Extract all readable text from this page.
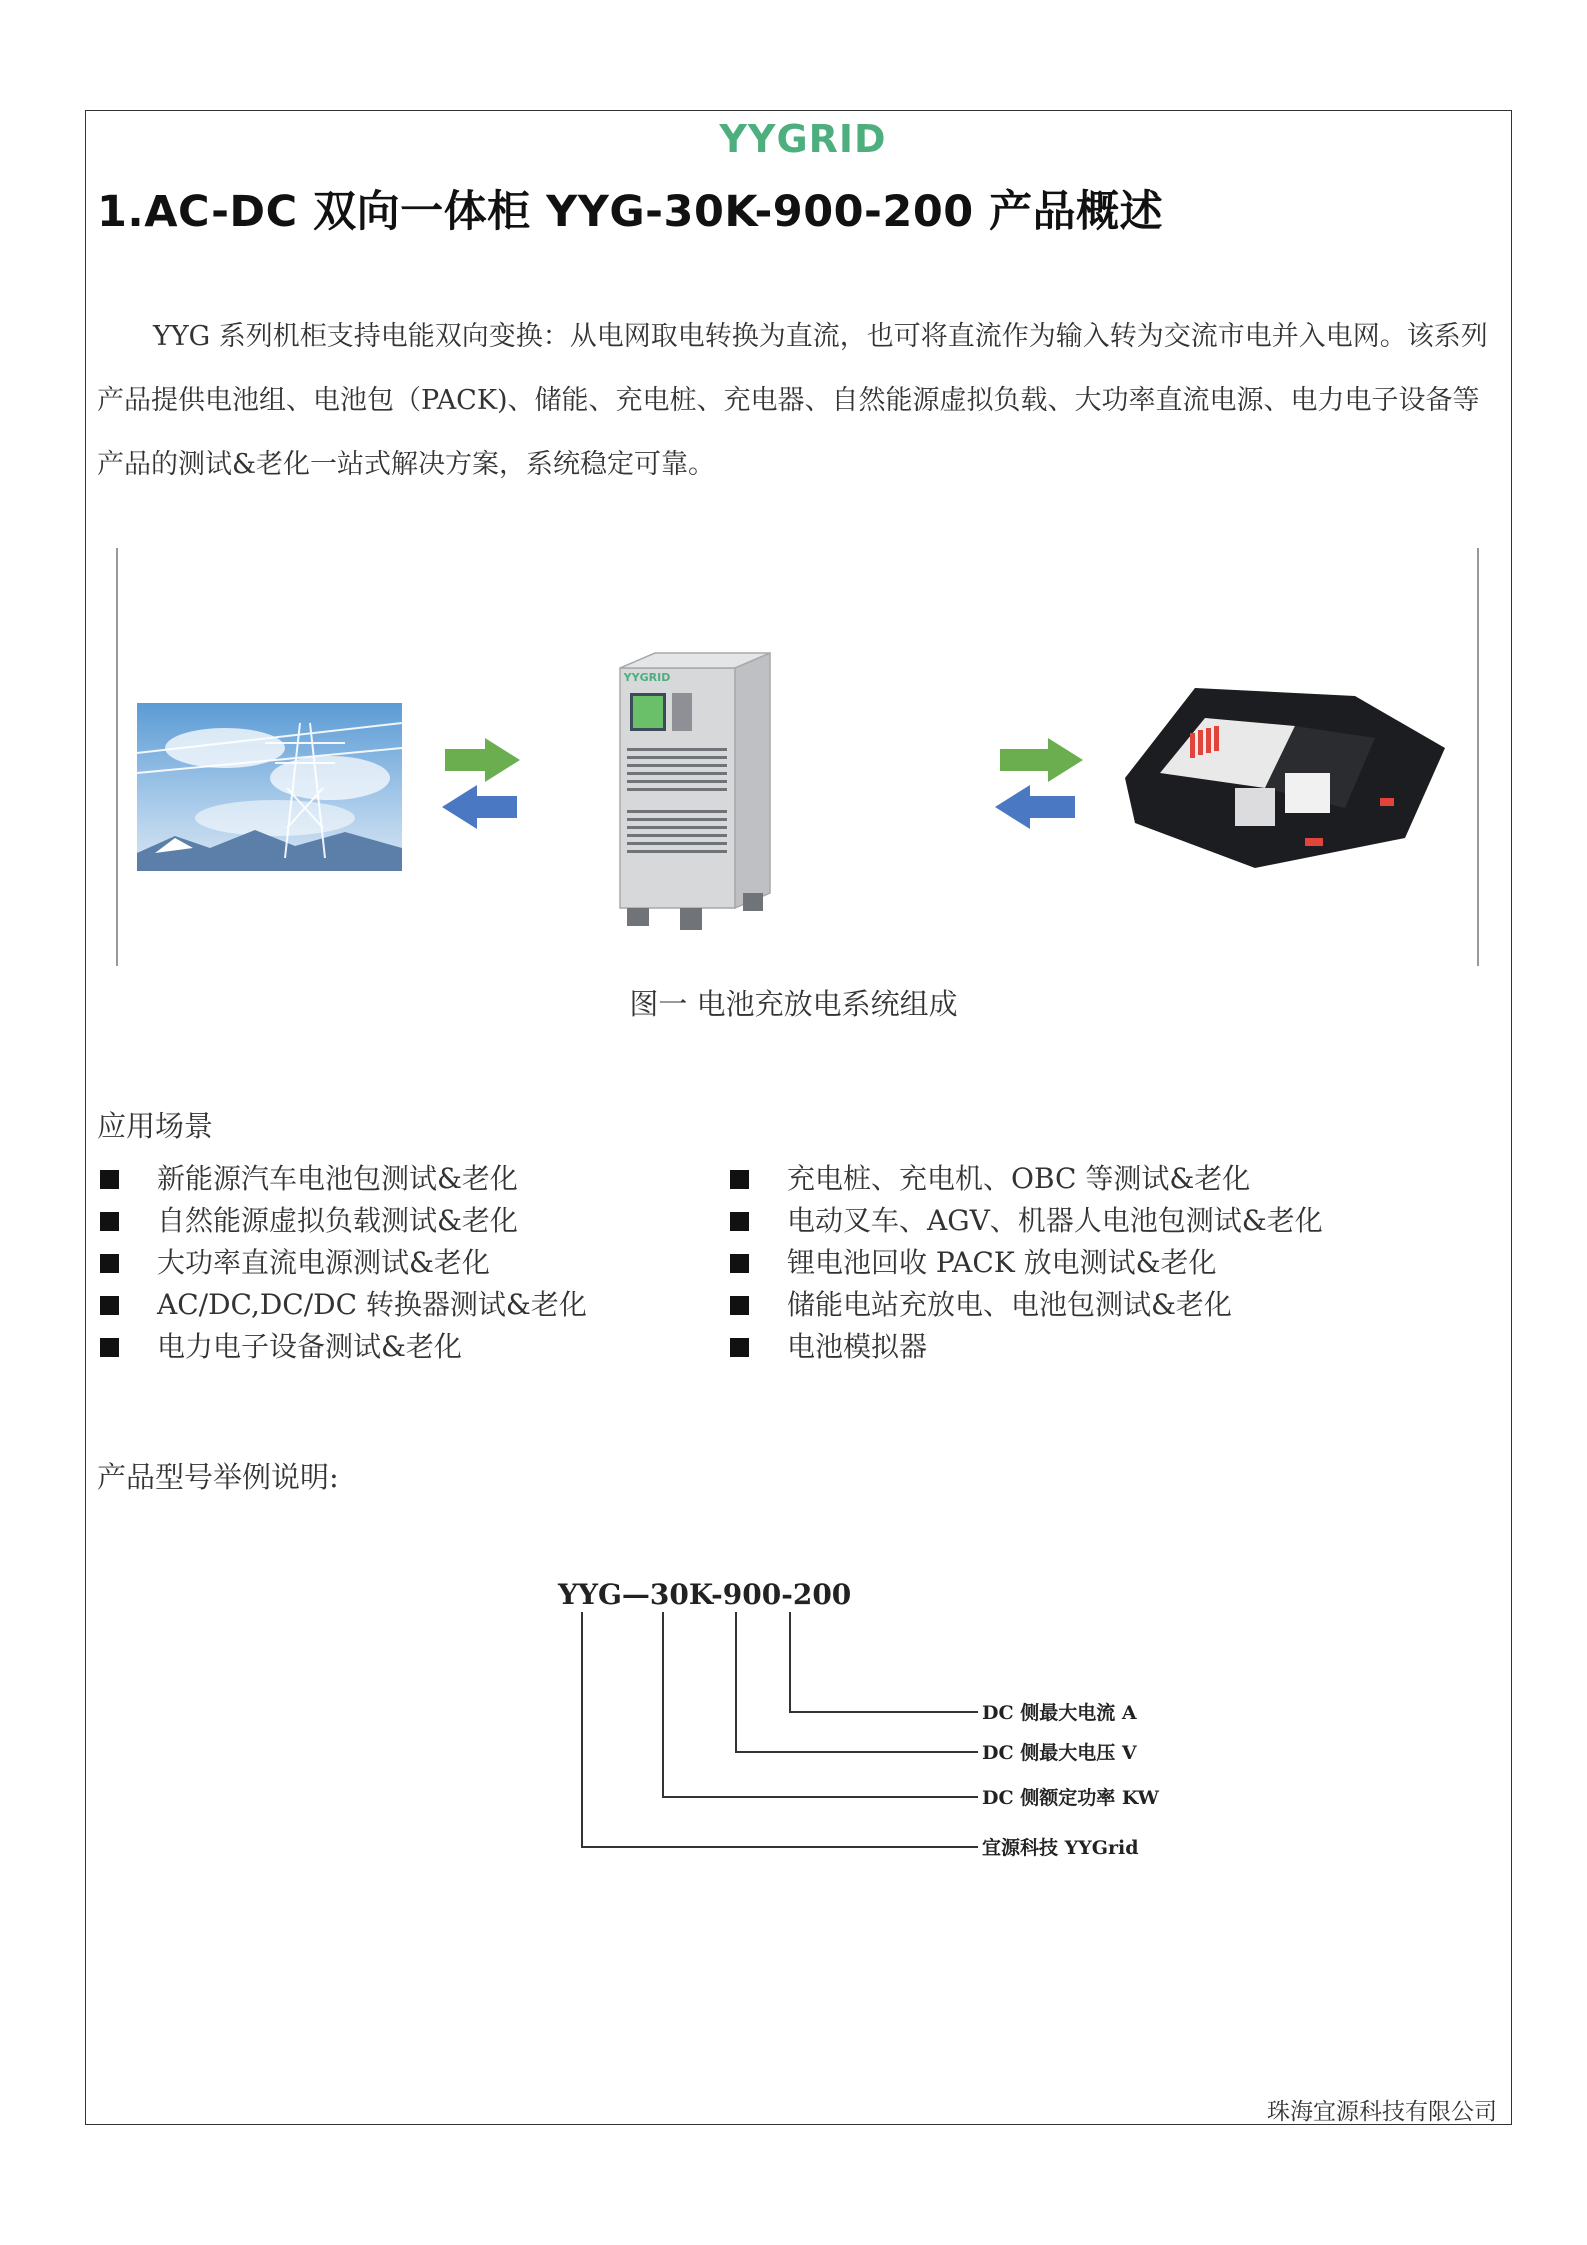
YYGRID
1.AC-DC 双向一体柜 YYG-30K-900-200 产品概述

YYG 系列机柜支持电能双向变换：从电网取电转换为直流，也可将直流作为输入转为交流市电并入电网。该系列产品提供电池组、电池包（PACK)、储能、充电桩、充电器、自然能源虚拟负载、大功率直流电源、电力电子设备等产品的测试&老化一站式解决方案，系统稳定可靠。

YYGRID
图一 电池充放电系统组成
应用场景
新能源汽车电池包测试&老化
自然能源虚拟负载测试&老化
大功率直流电源测试&老化
AC/DC,DC/DC 转换器测试&老化
电力电子设备测试&老化
充电桩、充电机、OBC 等测试&老化
电动叉车、AGV、机器人电池包测试&老化
锂电池回收 PACK 放电测试&老化
储能电站充放电、电池包测试&老化
电池模拟器
产品型号举例说明:
YYG—30K-900-200
DC 侧最大电流 A
DC 侧最大电压 V
DC 侧额定功率 KW
宜源科技 YYGrid
珠海宜源科技有限公司
